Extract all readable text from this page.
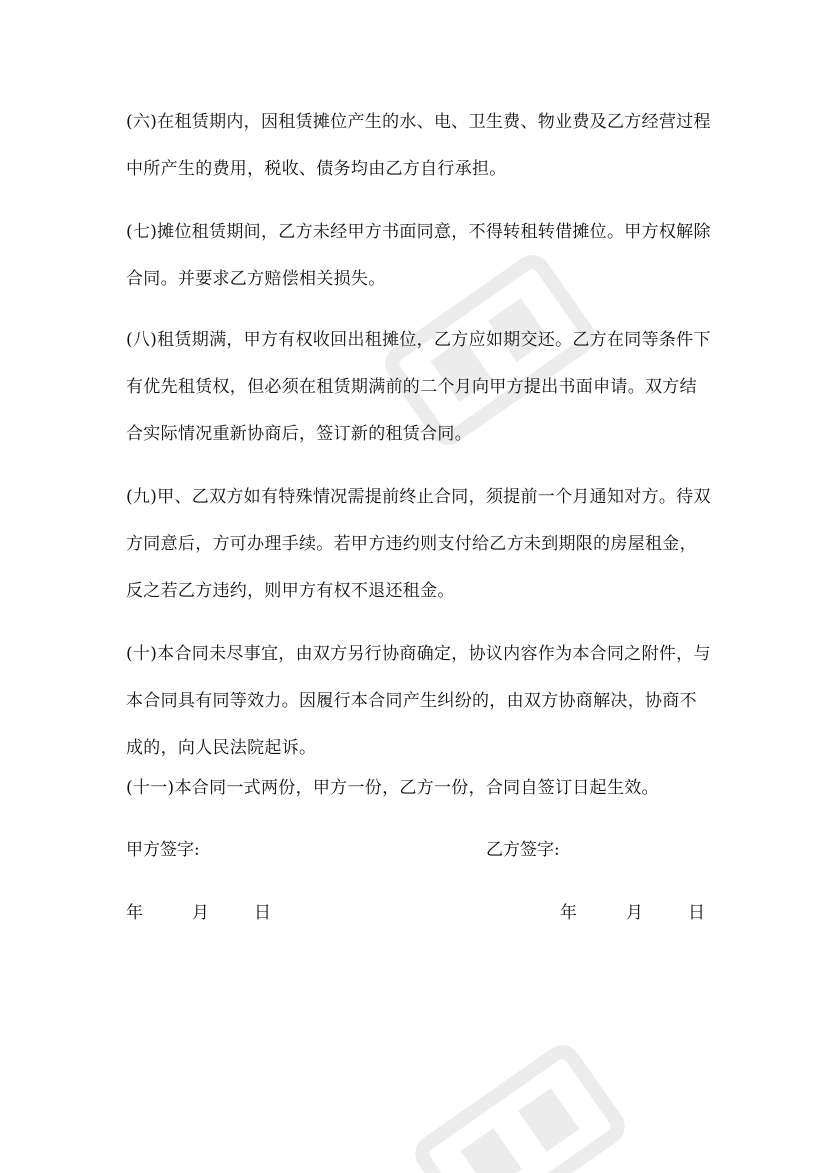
(六)在租赁期内，因租赁摊位产生的水、电、卫生费、物业费及乙方经营过程中所产生的费用，税收、债务均由乙方自行承担。

(七)摊位租赁期间，乙方未经甲方书面同意，不得转租转借摊位。甲方权解除合同。并要求乙方赔偿相关损失。

(八)租赁期满，甲方有权收回出租摊位，乙方应如期交还。乙方在同等条件下有优先租赁权，但必须在租赁期满前的二个月向甲方提出书面申请。双方结合实际情况重新协商后，签订新的租赁合同。

(九)甲、乙双方如有特殊情况需提前终止合同，须提前一个月通知对方。待双方同意后，方可办理手续。若甲方违约则支付给乙方未到期限的房屋租金，反之若乙方违约，则甲方有权不退还租金。

(十)本合同未尽事宜，由双方另行协商确定，协议内容作为本合同之附件，与本合同具有同等效力。因履行本合同产生纠纷的，由双方协商解决，协商不成的，向人民法院起诉。

(十一)本合同一式两份，甲方一份，乙方一份，合同自签订日起生效。

甲方签字:	乙方签字:
年	月	日	年	月	日
